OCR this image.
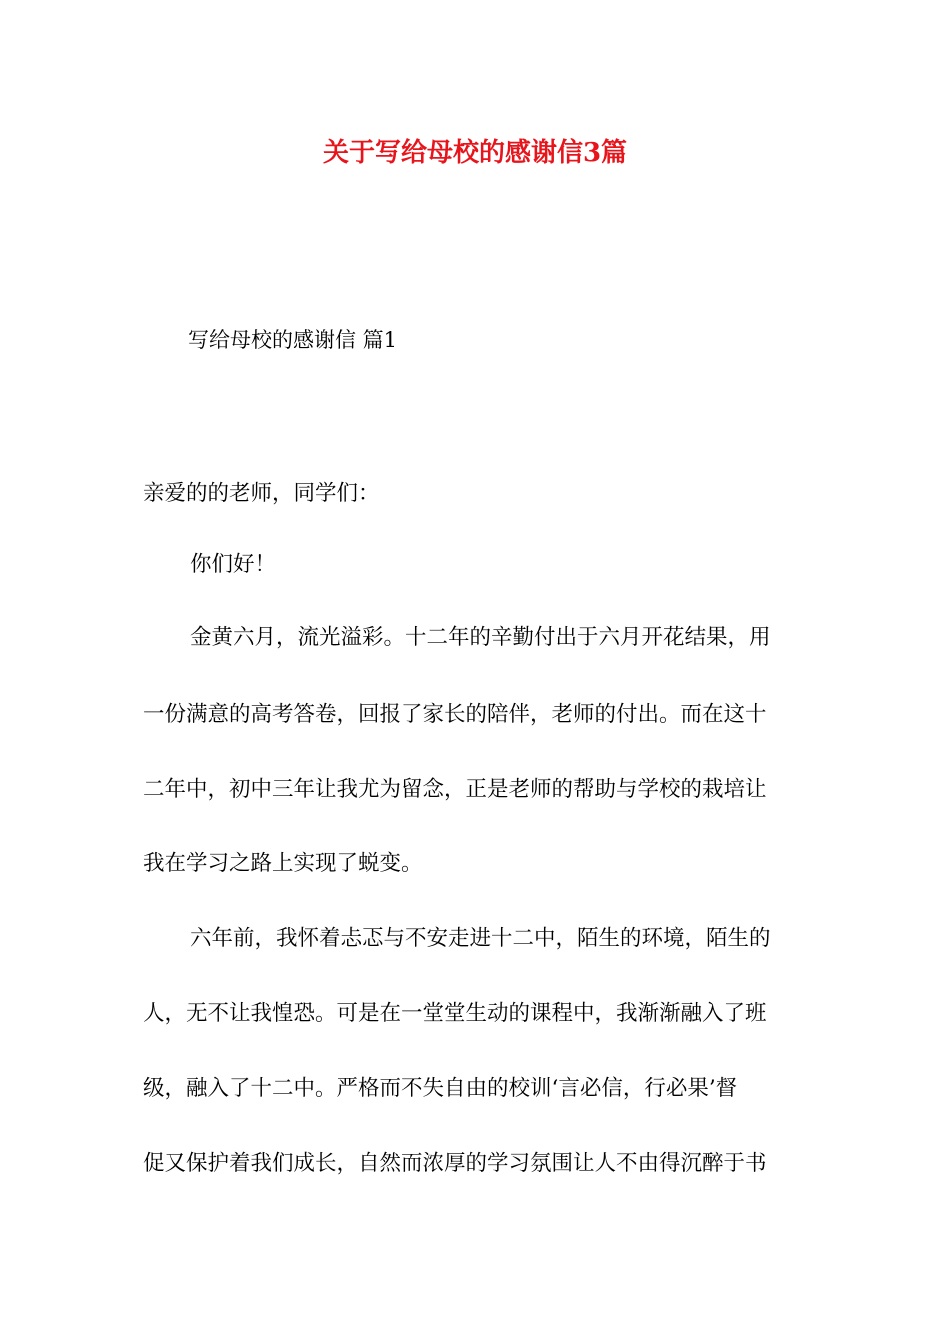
关于写给母校的感谢信3篇
写给母校的感谢信 篇1
亲爱的的老师，同学们：
你们好！
金黄六月，流光溢彩。十二年的辛勤付出于六月开花结果，用
一份满意的高考答卷，回报了家长的陪伴，老师的付出。而在这十
二年中，初中三年让我尤为留念，正是老师的帮助与学校的栽培让
我在学习之路上实现了蜕变。
六年前，我怀着忐忑与不安走进十二中，陌生的环境，陌生的
人，无不让我惶恐。可是在一堂堂生动的课程中，我渐渐融入了班
级，融入了十二中。严格而不失自由的校训‘言必信，行必果’督
促又保护着我们成长，自然而浓厚的学习氛围让人不由得沉醉于书
